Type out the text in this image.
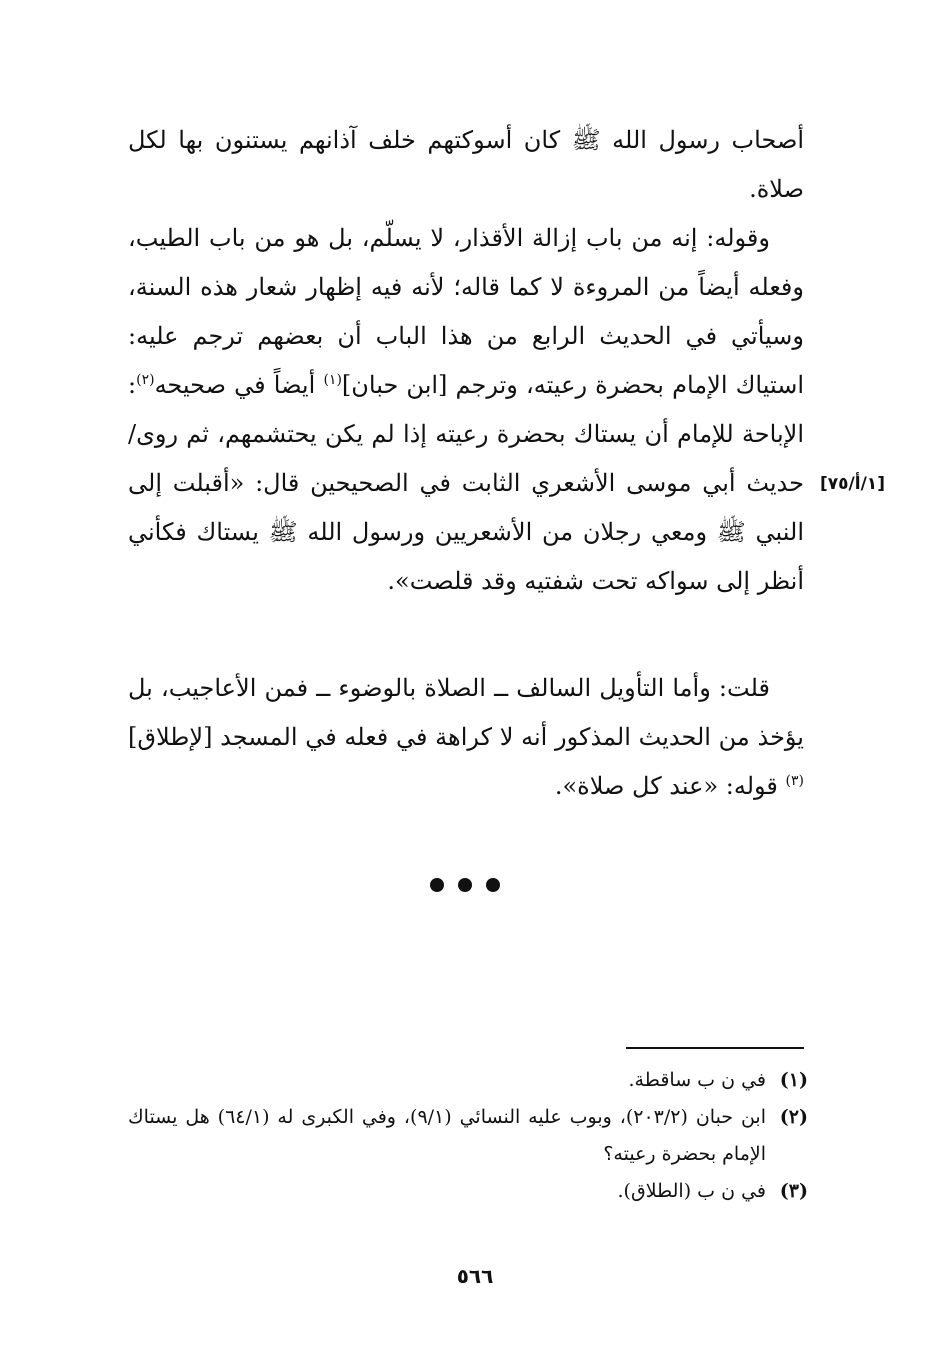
أصحاب رسول الله ﷺ كان أسوكتهم خلف آذانهم يستنون بها لكل صلاة.

وقوله: إنه من باب إزالة الأقذار، لا يسلّم، بل هو من باب الطيب، وفعله أيضاً من المروءة لا كما قاله؛ لأنه فيه إظهار شعار هذه السنة، وسيأتي في الحديث الرابع من هذا الباب أن بعضهم ترجم عليه: استياك الإمام بحضرة رعيته، وترجم [ابن حبان]$^{(١)}$ أيضاً في صحيحه$^{(٢)}$: الإباحة للإمام أن يستاك بحضرة رعيته إذا لم يكن يحتشمهم، ثم روى/ حديث أبي موسى الأشعري الثابت في الصحيحين قال: «أقبلت إلى النبي ﷺ ومعي رجلان من الأشعريين ورسول الله ﷺ يستاك فكأني أنظر إلى سواكه تحت شفتيه وقد قلصت».

[١/أ/٧٥]

قلت: وأما التأويل السالف ــ الصلاة بالوضوء ــ فمن الأعاجيب، بل يؤخذ من الحديث المذكور أنه لا كراهة في فعله في المسجد [لإطلاق]$^{(٣)}$ قوله: «عند كل صلاة».

(١)
في ن ب ساقطة.
(٢)
ابن حبان (٢٠٣/٢)، وبوب عليه النسائي (٩/١)، وفي الكبرى له (٦٤/١) هل يستاك الإمام بحضرة رعيته؟
(٣)
في ن ب (الطلاق).
٥٦٦
